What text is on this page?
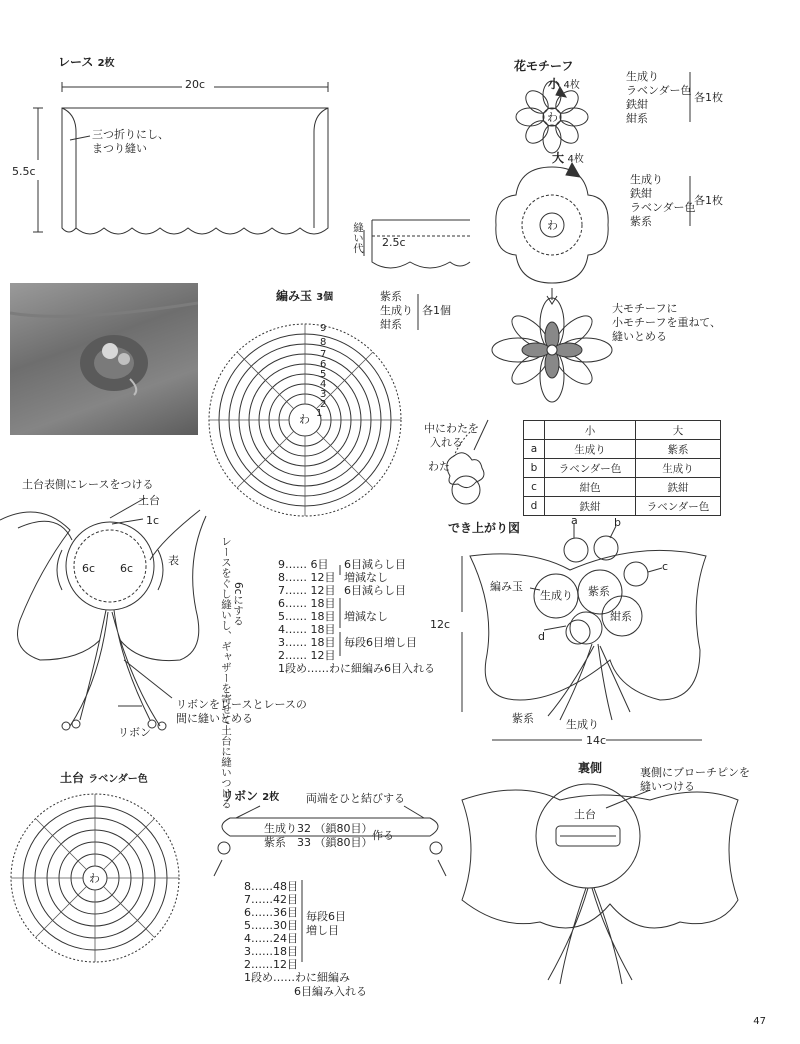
レース 2枚
20c
5.5c
三つ折りにし、
まつり縫い
縫い代 2.5c
編み玉 3個	紫系
生成り
紺系
各1個
9
8
7
6
5
4
3
2
1
わ
中にわたを
入れる
わた
9…… 6目 6目減らし目
8…… 12目 増減なし
7…… 12目 6目減らし目
6…… 18目
5…… 18目 増減なし
4…… 18目
3…… 18目 毎段6目増し目
2…… 12目
1段め……わに細編み6目入れる
花モチーフ
小 4枚
生成り
ラベンダー色
鉄紺
紺系
各1枚
わ
大 4枚
生成り
鉄紺
ラベンダー色
紫系
各1枚
わ
大モチーフに
小モチーフを重ねて、
縫いとめる
	小	大
a	生成り	紫系
b	ラベンダー色	生成り
c	紺色	鉄紺
d	鉄紺	ラベンダー色
土台表側にレースをつける
土台
1c
6c 6c
表	レースをぐし縫いし、ギャザーを寄せて土台に縫いつける 6cにする
リボンをレースとレースの
間に縫いとめる
リボン
でき上がり図
a	b
c
d
編み玉
生成り 紫系
紺系
12c
14c
紫系	生成り
土台 ラベンダー色
わ
8……48目
7……42目
6……36目
5……30目
4……24目
3……18目
2……12目
毎段6目
増し目
1段め……わに細編み
6目編み入れる
リボン 2枚 両端をひと結びする
生成り32 （鎖80目）
紫系　33 （鎖80目）
作る
裏側	裏側にブローチピンを
縫いつける
土台
47
